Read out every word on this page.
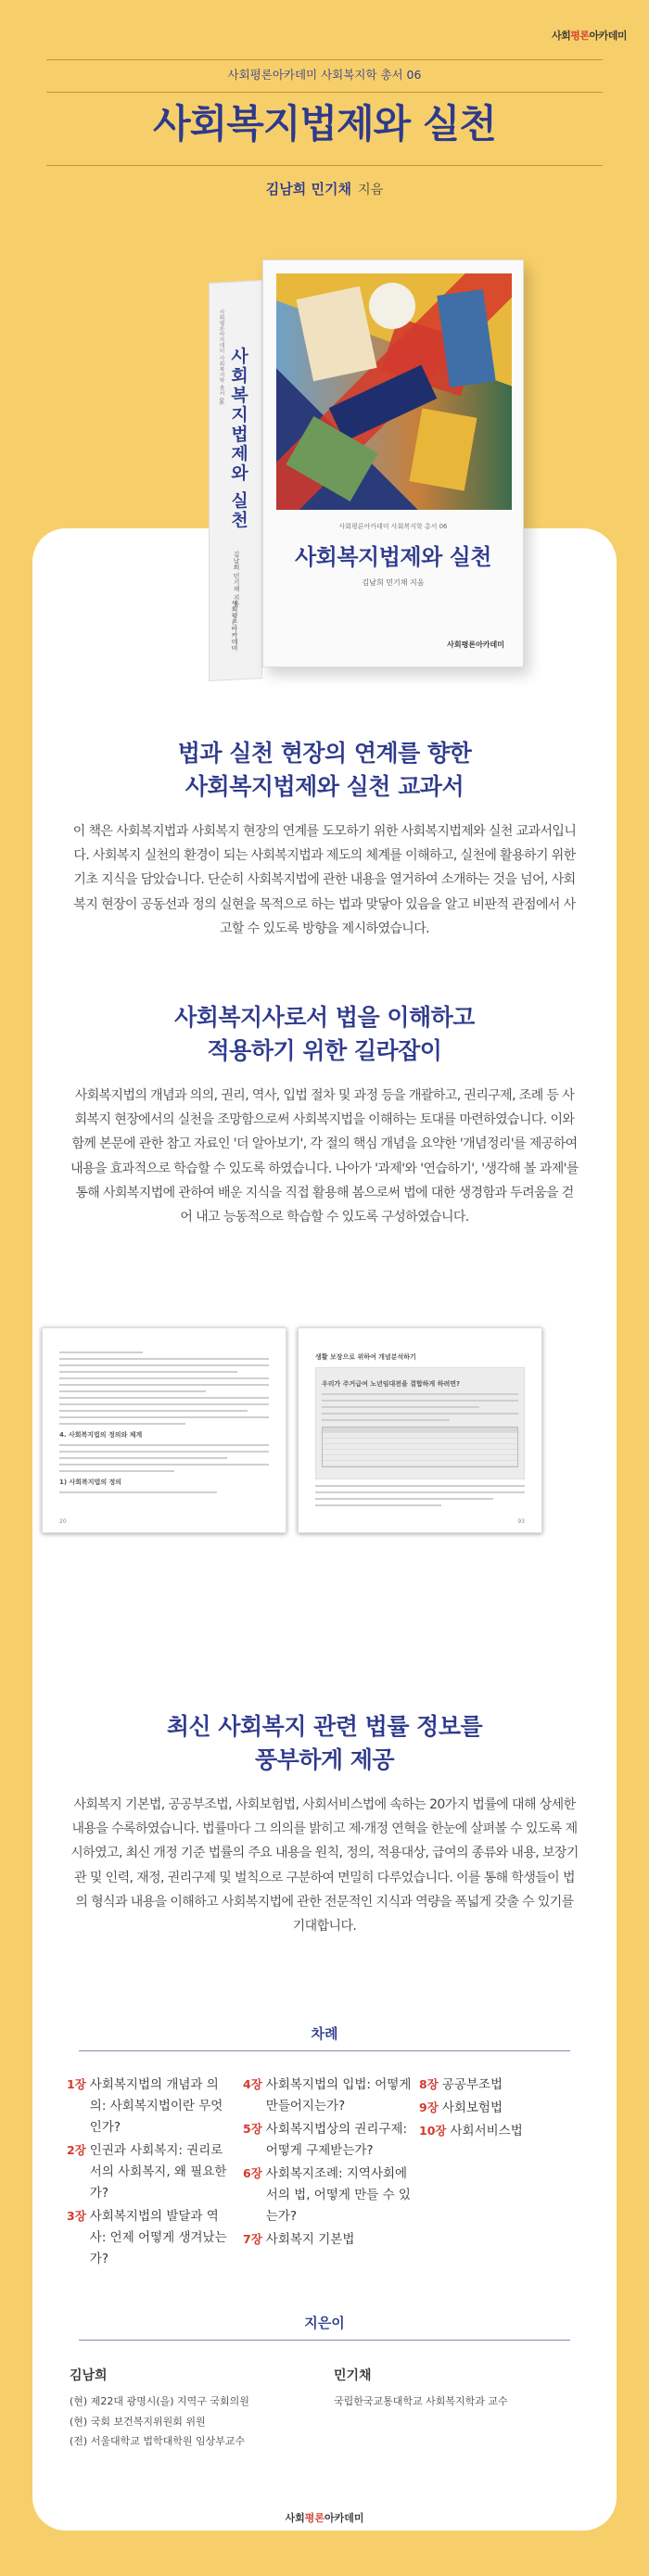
사회평론아카데미
사회평론아카데미 사회복지학 총서 06
사회복지법제와 실천
김남희 민기채 지음
사회평론아카데미 사회복지학 총서 06 사회복지법제와 실천
김남희 민기채 지음
사회평론아카데미
사회평론아카데미 사회복지학 총서 06
사회복지법제와 실천
김남희 민기채 지음
사회평론아카데미
법과 실천 현장의 연계를 향한
사회복지법제와 실천 교과서

이 책은 사회복지법과 사회복지 현장의 연계를 도모하기 위한 사회복지법제와 실천 교과서입니다. 사회복지 실천의 환경이 되는 사회복지법과 제도의 체계를 이해하고, 실천에 활용하기 위한 기초 지식을 담았습니다. 단순히 사회복지법에 관한 내용을 열거하여 소개하는 것을 넘어, 사회복지 현장이 공동선과 정의 실현을 목적으로 하는 법과 맞닿아 있음을 알고 비판적 관점에서 사고할 수 있도록 방향을 제시하였습니다.

사회복지사로서 법을 이해하고
적용하기 위한 길라잡이

사회복지법의 개념과 의의, 권리, 역사, 입법 절차 및 과정 등을 개괄하고, 권리구제, 조례 등 사회복지 현장에서의 실천을 조망함으로써 사회복지법을 이해하는 토대를 마련하였습니다. 이와 함께 본문에 관한 참고 자료인 '더 알아보기', 각 절의 핵심 개념을 요약한 '개념정리'를 제공하여 내용을 효과적으로 학습할 수 있도록 하였습니다. 나아가 '과제'와 '연습하기', '생각해 볼 과제'를 통해 사회복지법에 관하여 배운 지식을 직접 활용해 봄으로써 법에 대한 생경함과 두려움을 걷어 내고 능동적으로 학습할 수 있도록 구성하였습니다.

최신 사회복지 관련 법률 정보를
풍부하게 제공

사회복지 기본법, 공공부조법, 사회보험법, 사회서비스법에 속하는 20가지 법률에 대해 상세한 내용을 수록하였습니다. 법률마다 그 의의를 밝히고 제·개정 연혁을 한눈에 살펴볼 수 있도록 제시하였고, 최신 개정 기준 법률의 주요 내용을 원칙, 정의, 적용대상, 급여의 종류와 내용, 보장기관 및 인력, 재정, 권리구제 및 벌칙으로 구분하여 면밀히 다루었습니다. 이를 통해 학생들이 법의 형식과 내용을 이해하고 사회복지법에 관한 전문적인 지식과 역량을 폭넓게 갖출 수 있기를 기대합니다.

4. 사회복지법의 정의와 체계
1) 사회복지법의 정의
20
생활 보장으로 위하여 개념분석하기
우리가 주거급여 노년임대전을 결합하게 하려면?
93
차례
1장 사회복지법의 개념과 의의: 사회복지법이란 무엇인가?
2장 인권과 사회복지: 권리로서의 사회복지, 왜 필요한가?
3장 사회복지법의 발달과 역사: 언제 어떻게 생겨났는가?
4장 사회복지법의 입법: 어떻게 만들어지는가?
5장 사회복지법상의 권리구제: 어떻게 구제받는가?
6장 사회복지조례: 지역사회에서의 법, 어떻게 만들 수 있는가?
7장 사회복지 기본법
8장 공공부조법
9장 사회보험법
10장 사회서비스법
지은이
김남희
(현) 제22대 광명시(을) 지역구 국회의원
(현) 국회 보건복지위원회 위원
(전) 서울대학교 법학대학원 임상부교수
민기채
국립한국교통대학교 사회복지학과 교수
사회평론아카데미
